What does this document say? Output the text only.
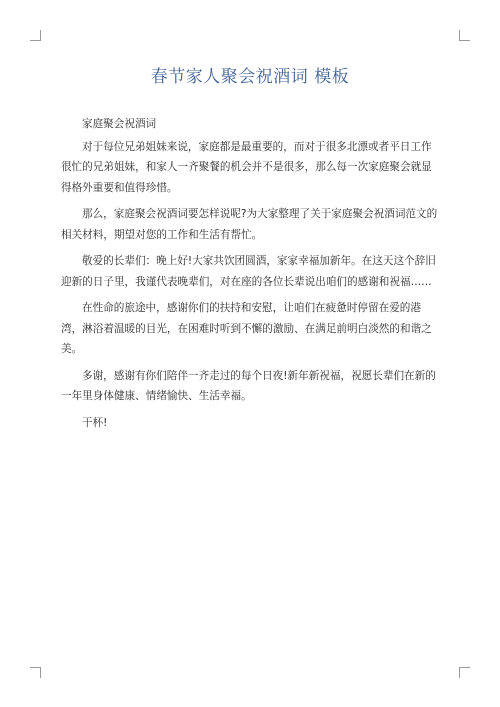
春节家人聚会祝酒词 模板

家庭聚会祝酒词

对于每位兄弟姐妹来说，家庭都是最重要的，而对于很多北漂或者平日工作很忙的兄弟姐妹，和家人一齐聚餐的机会并不是很多，那么每一次家庭聚会就显得格外重要和值得珍惜。

那么，家庭聚会祝酒词要怎样说呢?为大家整理了关于家庭聚会祝酒词范文的相关材料，期望对您的工作和生活有帮忙。

敬爱的长辈们：晚上好!大家共饮团圆酒，家家幸福加新年。在这天这个辞旧迎新的日子里，我谨代表晚辈们，对在座的各位长辈说出咱们的感谢和祝福……

在性命的旅途中，感谢你们的扶持和安慰，让咱们在疲惫时停留在爱的港湾，淋浴着温暖的目光，在困难时听到不懈的激励、在满足前明白淡然的和谐之美。

多谢，感谢有你们陪伴一齐走过的每个日夜!新年新祝福，祝愿长辈们在新的一年里身体健康、情绪愉快、生活幸福。

干杯!
